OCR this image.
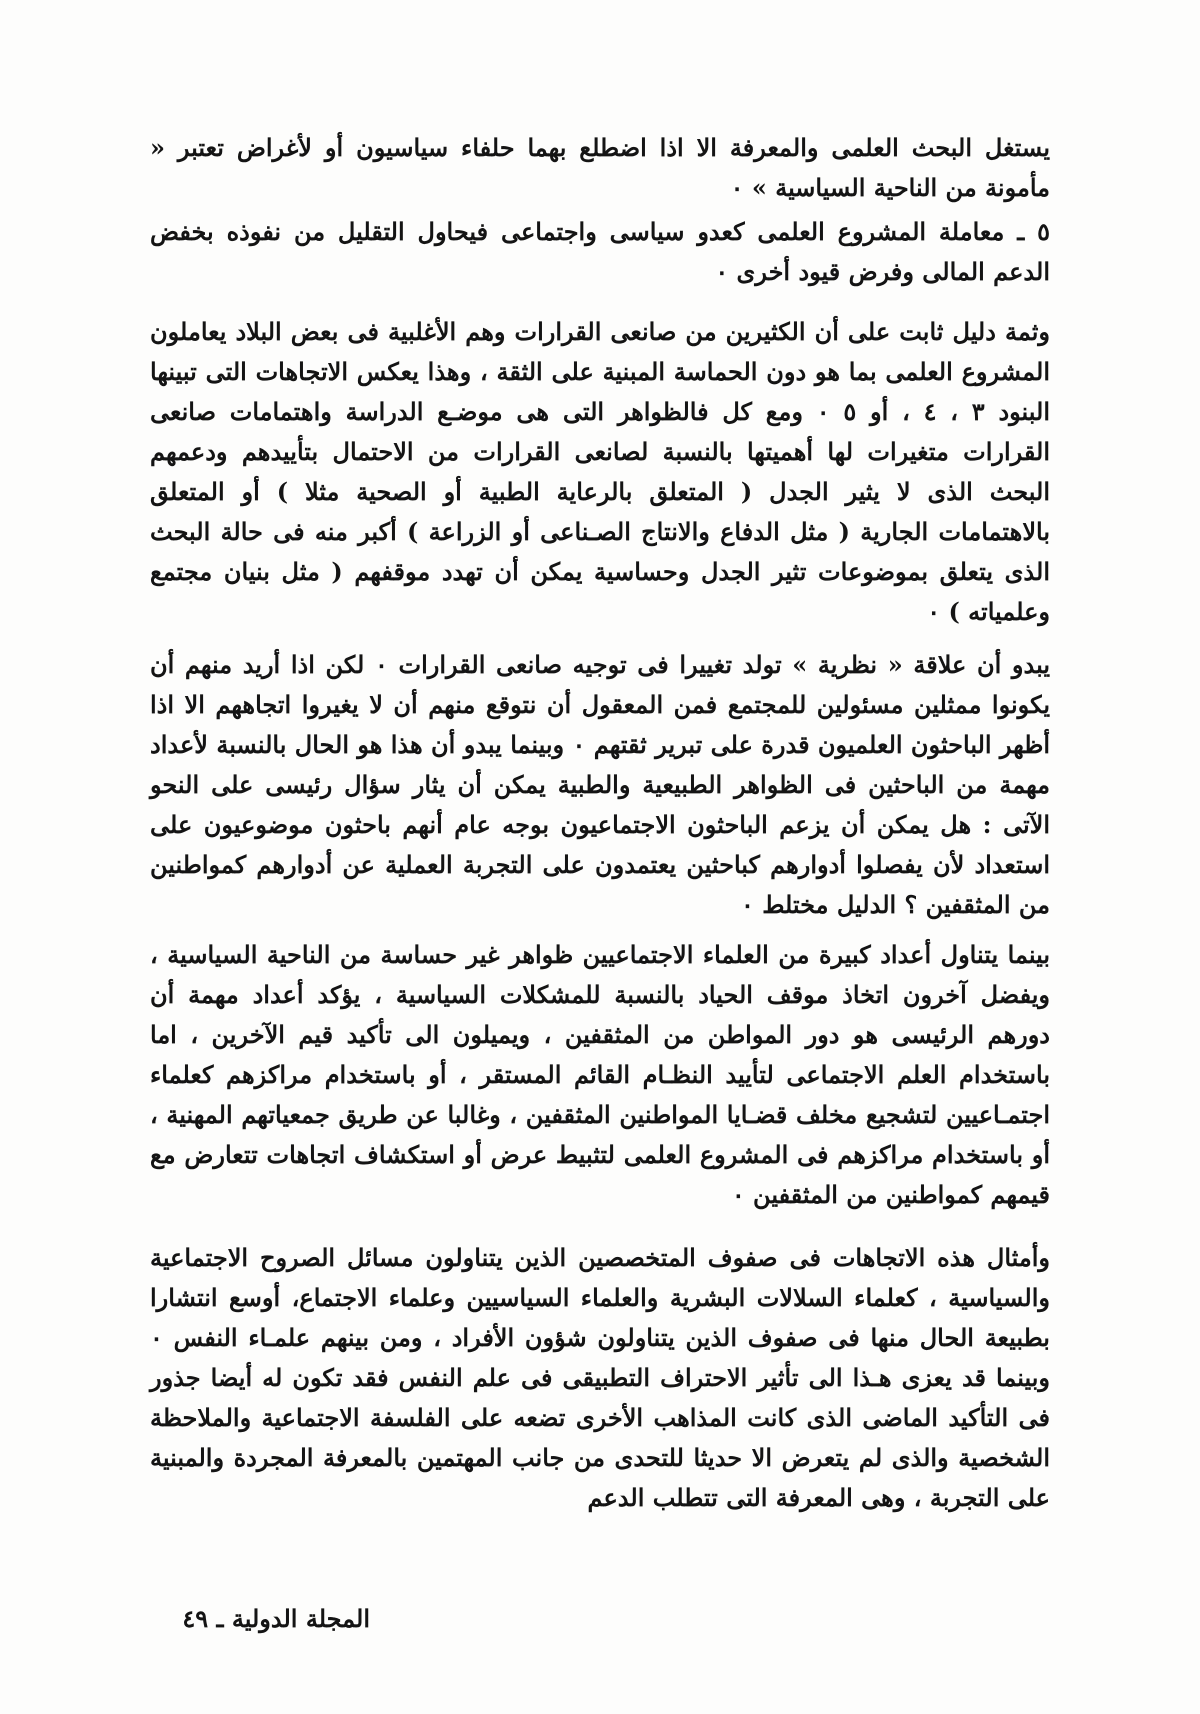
يستغل البحث العلمى والمعرفة الا اذا اضطلع بهما حلفاء سياسيون أو لأغراض تعتبر « مأمونة من الناحية السياسية » ٠

٥ ـ معاملة المشروع العلمى كعدو سياسى واجتماعى فيحاول التقليل من نفوذه بخفض الدعم المالى وفرض قيود أخرى ٠

وثمة دليل ثابت على أن الكثيرين من صانعى القرارات وهم الأغلبية فى بعض البلاد يعاملون المشروع العلمى بما هو دون الحماسة المبنية على الثقة ، وهذا يعكس الاتجاهات التى تبينها البنود ٣ ، ٤ ، أو ٥ ٠ ومع كل فالظواهر التى هى موضـع الدراسة واهتمامات صانعى القرارات متغيرات لها أهميتها بالنسبة لصانعى القرارات من الاحتمال بتأييدهم ودعمهم البحث الذى لا يثير الجدل ( المتعلق بالرعاية الطبية أو الصحية مثلا ) أو المتعلق بالاهتمامات الجارية ( مثل الدفاع والانتاج الصـناعى أو الزراعة ) أكبر منه فى حالة البحث الذى يتعلق بموضوعات تثير الجدل وحساسية يمكن أن تهدد موقفهم ( مثل بنيان مجتمع وعلمياته ) ٠

يبدو أن علاقة « نظرية » تولد تغييرا فى توجيه صانعى القرارات ٠ لكن اذا أريد منهم أن يكونوا ممثلين مسئولين للمجتمع فمن المعقول أن نتوقع منهم أن لا يغيروا اتجاههم الا اذا أظهر الباحثون العلميون قدرة على تبرير ثقتهم ٠ وبينما يبدو أن هذا هو الحال بالنسبة لأعداد مهمة من الباحثين فى الظواهر الطبيعية والطبية يمكن أن يثار سؤال رئيسى على النحو الآتى : هل يمكن أن يزعم الباحثون الاجتماعيون بوجه عام أنهم باحثون موضوعيون على استعداد لأن يفصلوا أدوارهم كباحثين يعتمدون على التجربة العملية عن أدوارهم كمواطنين من المثقفين ؟ الدليل مختلط ٠

بينما يتناول أعداد كبيرة من العلماء الاجتماعيين ظواهر غير حساسة من الناحية السياسية ، ويفضل آخرون اتخاذ موقف الحياد بالنسبة للمشكلات السياسية ، يؤكد أعداد مهمة أن دورهم الرئيسى هو دور المواطن من المثقفين ، ويميلون الى تأكيد قيم الآخرين ، اما باستخدام العلم الاجتماعى لتأييد النظـام القائم المستقر ، أو باستخدام مراكزهم كعلماء اجتمـاعيين لتشجيع مخلف قضـايا المواطنين المثقفين ، وغالبا عن طريق جمعياتهم المهنية ، أو باستخدام مراكزهم فى المشروع العلمى لتثبيط عرض أو استكشاف اتجاهات تتعارض مع قيمهم كمواطنين من المثقفين ٠

وأمثال هذه الاتجاهات فى صفوف المتخصصين الذين يتناولون مسائل الصروح الاجتماعية والسياسية ، كعلماء السلالات البشرية والعلماء السياسيين وعلماء الاجتماع، أوسع انتشارا بطبيعة الحال منها فى صفوف الذين يتناولون شؤون الأفراد ، ومن بينهم علمـاء النفس ٠ وبينما قد يعزى هـذا الى تأثير الاحتراف التطبيقى فى علم النفس فقد تكون له أيضا جذور فى التأكيد الماضى الذى كانت المذاهب الأخرى تضعه على الفلسفة الاجتماعية والملاحظة الشخصية والذى لم يتعرض الا حديثا للتحدى من جانب المهتمين بالمعرفة المجردة والمبنية على التجربة ، وهى المعرفة التى تتطلب الدعم

المجلة الدولية ـ ٤٩
